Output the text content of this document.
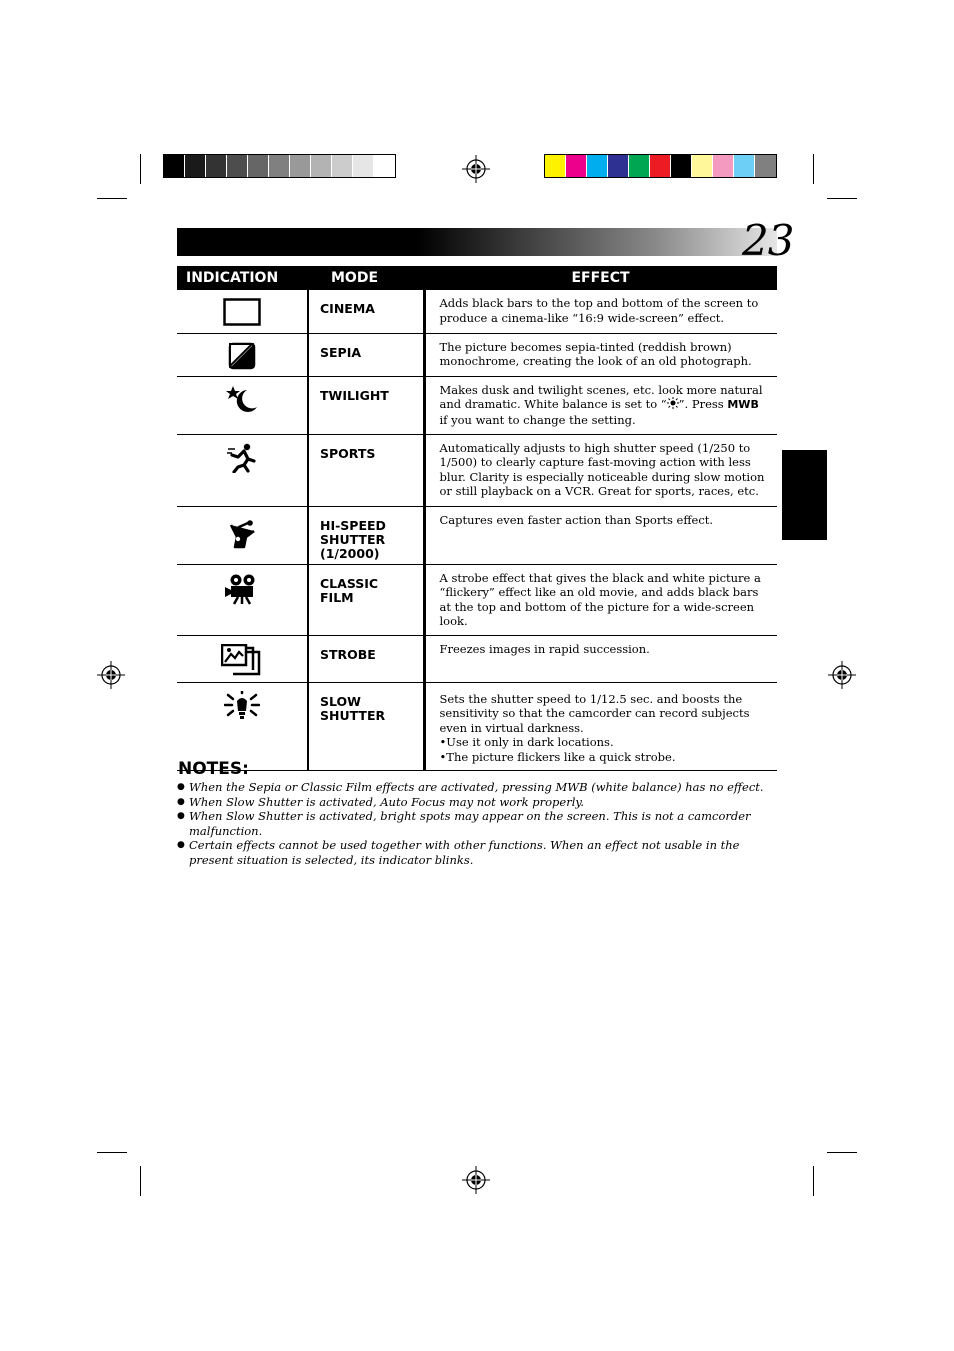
23
INDICATION	MODE	EFFECT
	CINEMA	Adds black bars to the top and bottom of the screen to produce a cinema-like “16:9 wide-screen” effect.
	SEPIA	The picture becomes sepia-tinted (reddish brown) monochrome, creating the look of an old photograph.
	TWILIGHT	Makes dusk and twilight scenes, etc. look more natural and dramatic. White balance is set to “ ”. Press MWB if you want to change the setting.
	SPORTS	Automatically adjusts to high shutter speed (1/250 to 1/500) to clearly capture fast-moving action with less blur. Clarity is especially noticeable during slow motion or still playback on a VCR. Great for sports, races, etc.
	HI-SPEED
SHUTTER
(1/2000)	Captures even faster action than Sports effect.
	CLASSIC
FILM	A strobe effect that gives the black and white picture a “flickery” effect like an old movie, and adds black bars at the top and bottom of the picture for a wide-screen look.
	STROBE	Freezes images in rapid succession.
	SLOW
SHUTTER	Sets the shutter speed to 1/12.5 sec. and boosts the sensitivity so that the camcorder can record subjects even in virtual darkness.
•Use it only in dark locations.
•The picture flickers like a quick strobe.
NOTES:
● When the Sepia or Classic Film effects are activated, pressing MWB (white balance) has no effect.
● When Slow Shutter is activated, Auto Focus may not work properly.
● When Slow Shutter is activated, bright spots may appear on the screen. This is not a camcorder malfunction.
● Certain effects cannot be used together with other functions. When an effect not usable in the present situation is selected, its indicator blinks.
